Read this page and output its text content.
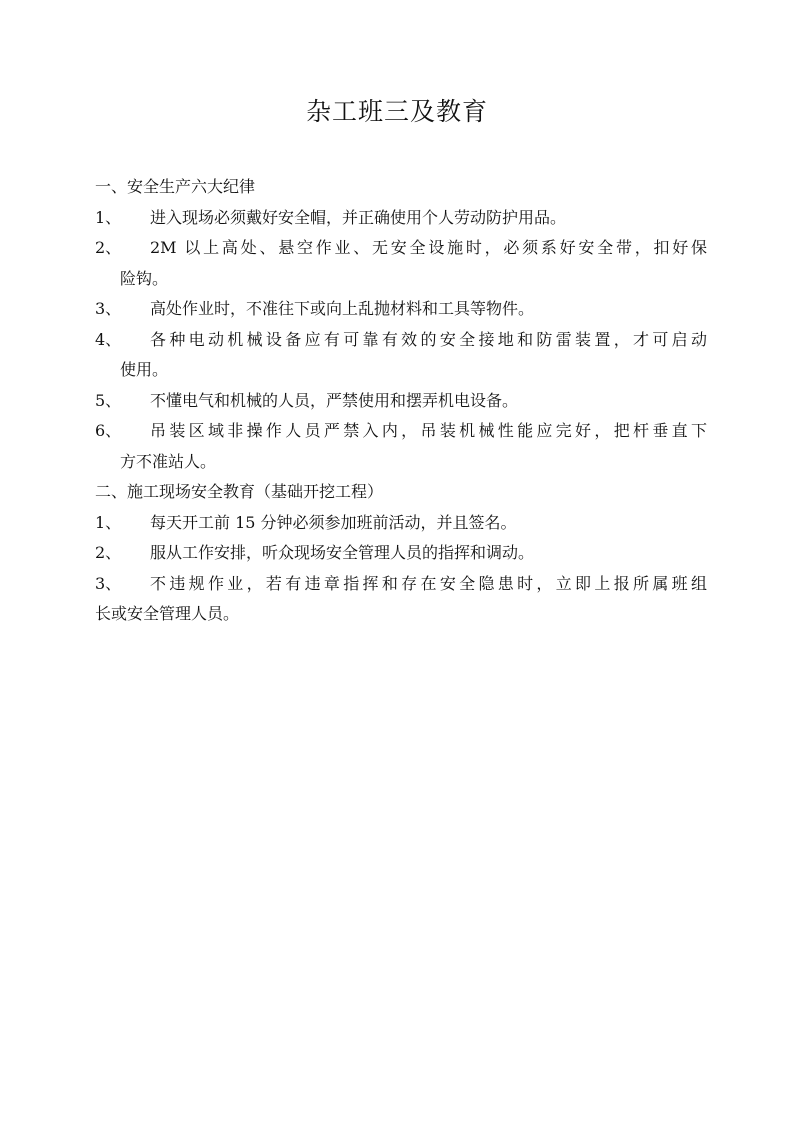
杂工班三及教育
一、安全生产六大纪律
1、	进入现场必须戴好安全帽，并正确使用个人劳动防护用品。
2、	2M 以上高处、悬空作业、无安全设施时，必须系好安全带，扣好保
险钩。
3、	高处作业时，不准往下或向上乱抛材料和工具等物件。
4、	各种电动机械设备应有可靠有效的安全接地和防雷装置，才可启动
使用。
5、	不懂电气和机械的人员，严禁使用和摆弄机电设备。
6、	吊装区域非操作人员严禁入内，吊装机械性能应完好，把杆垂直下
方不准站人。
二、施工现场安全教育（基础开挖工程）
1、	每天开工前 15 分钟必须参加班前活动，并且签名。
2、	服从工作安排，听众现场安全管理人员的指挥和调动。
3、	不违规作业，若有违章指挥和存在安全隐患时，立即上报所属班组
长或安全管理人员。
